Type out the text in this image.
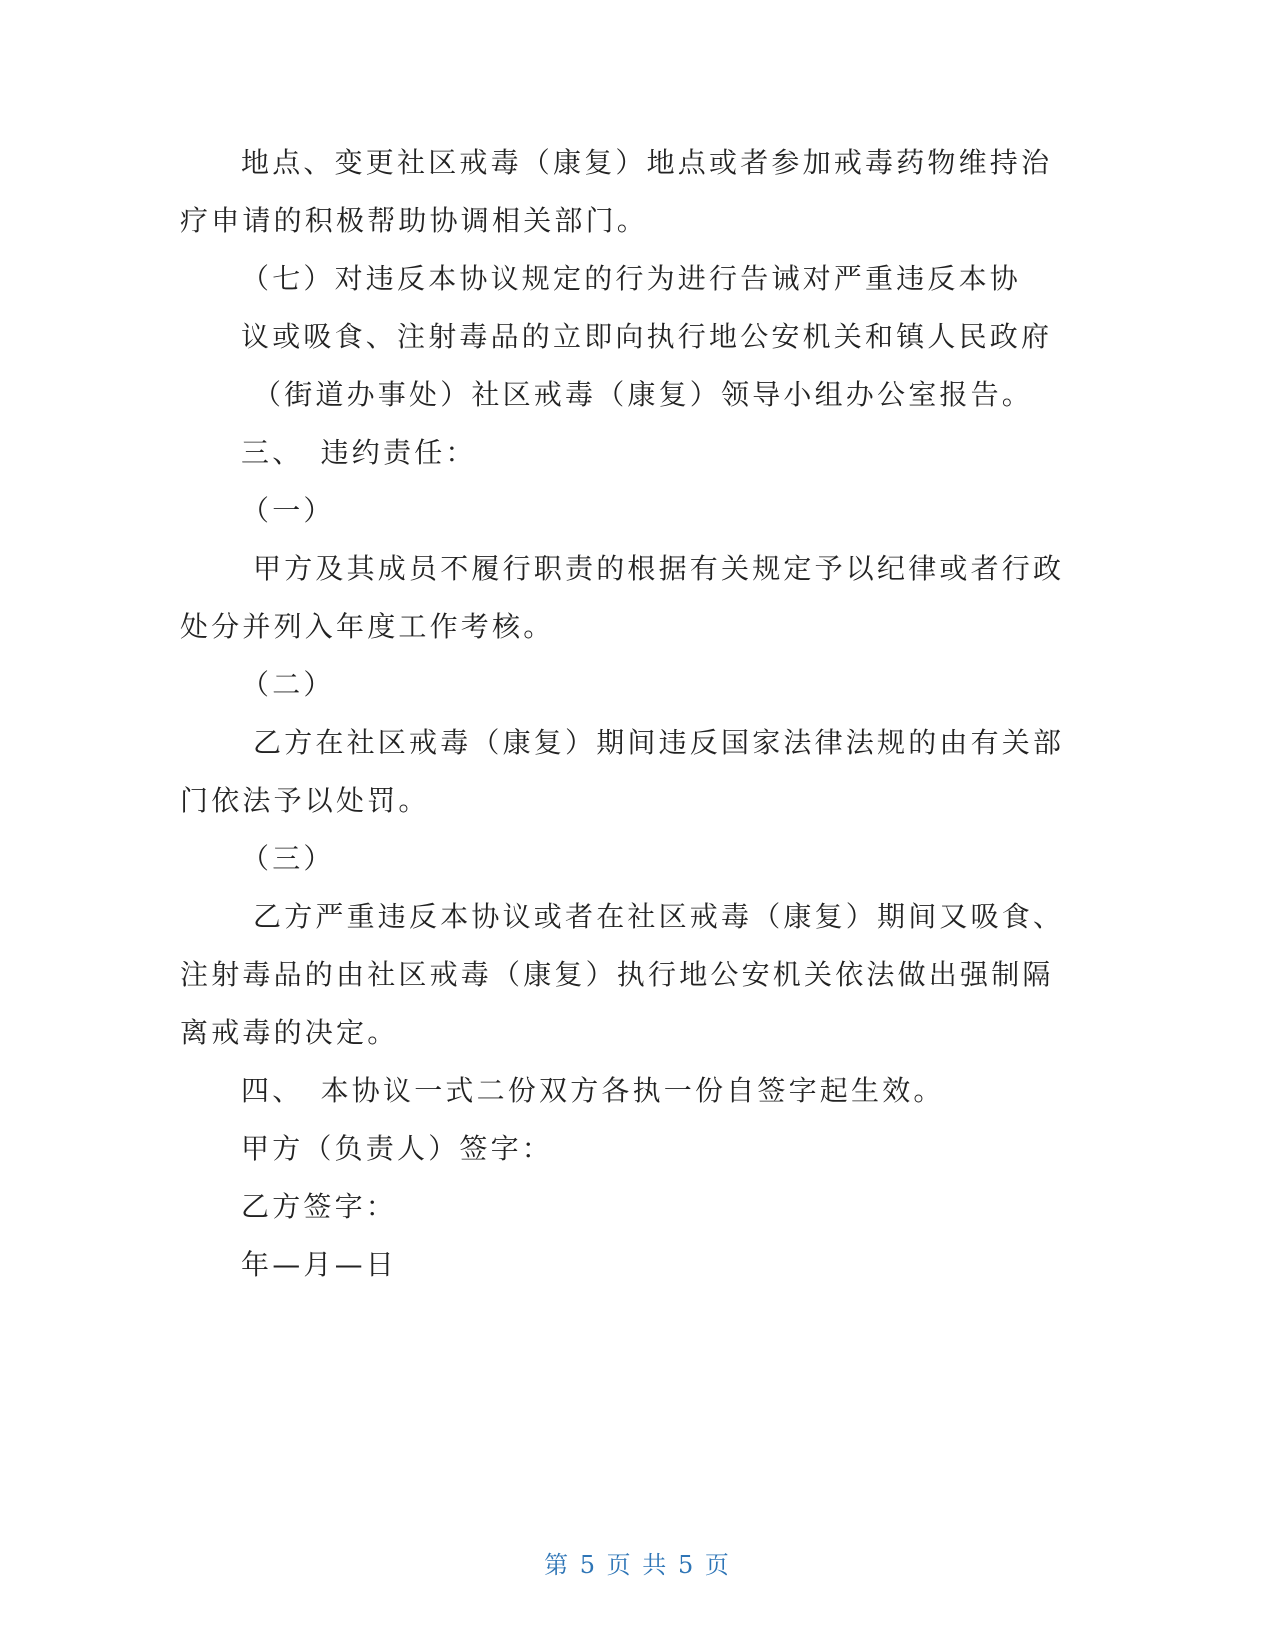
地点、变更社区戒毒（康复）地点或者参加戒毒药物维持治
疗申请的积极帮助协调相关部门。
（七）对违反本协议规定的行为进行告诫对严重违反本协
议或吸食、注射毒品的立即向执行地公安机关和镇人民政府
（街道办事处）社区戒毒（康复）领导小组办公室报告。
三、　违约责任：
（一）
甲方及其成员不履行职责的根据有关规定予以纪律或者行政
处分并列入年度工作考核。
（二）
乙方在社区戒毒（康复）期间违反国家法律法规的由有关部
门依法予以处罚。
（三）
乙方严重违反本协议或者在社区戒毒（康复）期间又吸食、
注射毒品的由社区戒毒（康复）执行地公安机关依法做出强制隔
离戒毒的决定。
四、　本协议一式二份双方各执一份自签字起生效。
甲方（负责人）签字：
乙方签字：
年—月—日
第 5 页 共 5 页
